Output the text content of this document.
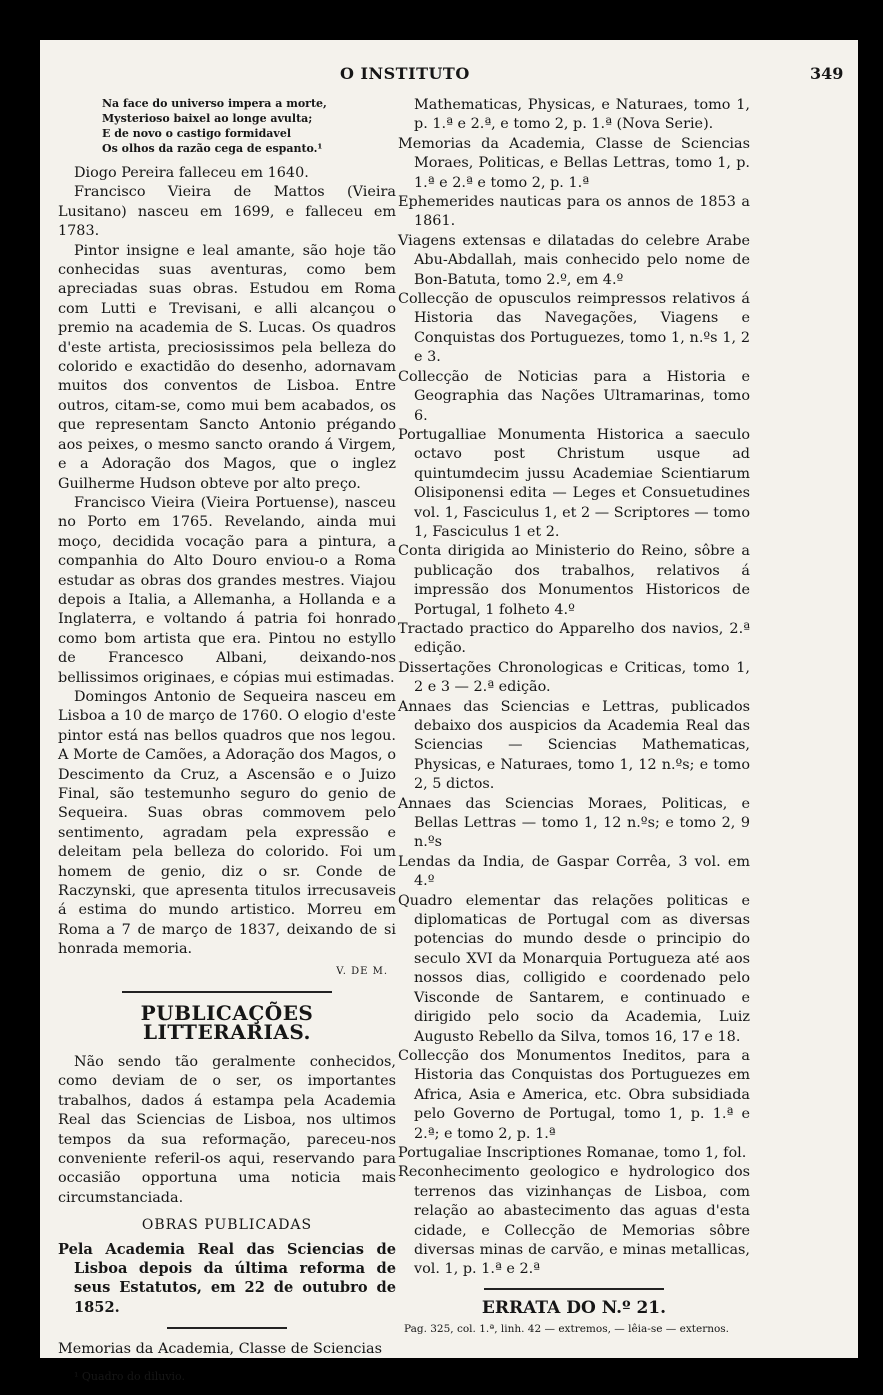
O INSTITUTO	349
Na face do universo impera a morte,
Mysterioso baixel ao longe avulta;
E de novo o castigo formidavel
Os olhos da razão cega de espanto.¹

Diogo Pereira falleceu em 1640.

Francisco Vieira de Mattos (Vieira Lusitano) nasceu em 1699, e falleceu em 1783.

Pintor insigne e leal amante, são hoje tão conhecidas suas aventuras, como bem apreciadas suas obras. Estudou em Roma com Lutti e Trevisani, e alli alcançou o premio na academia de S. Lucas. Os quadros d'este artista, preciosissimos pela belleza do colorido e exactidão do desenho, adornavam muitos dos conventos de Lisboa. Entre outros, citam-se, como mui bem acabados, os que representam Sancto Antonio prégando aos peixes, o mesmo sancto orando á Virgem, e a Adoração dos Magos, que o inglez Guilherme Hudson obteve por alto preço.

Francisco Vieira (Vieira Portuense), nasceu no Porto em 1765. Revelando, ainda mui moço, decidida vocação para a pintura, a companhia do Alto Douro enviou-o a Roma estudar as obras dos grandes mestres. Viajou depois a Italia, a Allemanha, a Hollanda e a Inglaterra, e voltando á patria foi honrado como bom artista que era. Pintou no estyllo de Francesco Albani, deixando-nos bellissimos originaes, e cópias mui estimadas.

Domingos Antonio de Sequeira nasceu em Lisboa a 10 de março de 1760. O elogio d'este pintor está nas bellos quadros que nos legou. A Morte de Camões, a Adoração dos Magos, o Descimento da Cruz, a Ascensão e o Juizo Final, são testemunho seguro do genio de Sequeira. Suas obras commovem pelo sentimento, agradam pela expressão e deleitam pela belleza do colorido. Foi um homem de genio, diz o sr. Conde de Raczynski, que apresenta titulos irrecusaveis á estima do mundo artistico. Morreu em Roma a 7 de março de 1837, deixando de si honrada memoria.

V. DE M.
PUBLICAÇÕES LITTERARIAS.

Não sendo tão geralmente conhecidos, como deviam de o ser, os importantes trabalhos, dados á estampa pela Academia Real das Sciencias de Lisboa, nos ultimos tempos da sua reformação, pareceu-nos conveniente referil-os aqui, reservando para occasião opportuna uma noticia mais circumstanciada.

OBRAS PUBLICADAS

Pela Academia Real das Sciencias de Lisboa depois da última reforma de seus Estatutos, em 22 de outubro de 1852.

Memorias da Academia, Classe de Sciencias

¹ Quadro do diluvio.

Mathematicas, Physicas, e Naturaes, tomo 1, p. 1.ª e 2.ª, e tomo 2, p. 1.ª (Nova Serie).

Memorias da Academia, Classe de Sciencias Moraes, Politicas, e Bellas Lettras, tomo 1, p. 1.ª e 2.ª e tomo 2, p. 1.ª

Ephemerides nauticas para os annos de 1853 a 1861.

Viagens extensas e dilatadas do celebre Arabe Abu-Abdallah, mais conhecido pelo nome de Bon-Batuta, tomo 2.º, em 4.º

Collecção de opusculos reimpressos relativos á Historia das Navegações, Viagens e Conquistas dos Portuguezes, tomo 1, n.ºs 1, 2 e 3.

Collecção de Noticias para a Historia e Geographia das Nações Ultramarinas, tomo 6.

Portugalliae Monumenta Historica a saeculo octavo post Christum usque ad quintumdecim jussu Academiae Scientiarum Olisiponensi edita — Leges et Consuetudines vol. 1, Fasciculus 1, et 2 — Scriptores — tomo 1, Fasciculus 1 et 2.

Conta dirigida ao Ministerio do Reino, sôbre a publicação dos trabalhos, relativos á impressão dos Monumentos Historicos de Portugal, 1 folheto 4.º

Tractado practico do Apparelho dos navios, 2.ª edição.

Dissertações Chronologicas e Criticas, tomo 1, 2 e 3 — 2.ª edição.

Annaes das Sciencias e Lettras, publicados debaixo dos auspicios da Academia Real das Sciencias — Sciencias Mathematicas, Physicas, e Naturaes, tomo 1, 12 n.ºs; e tomo 2, 5 dictos.

Annaes das Sciencias Moraes, Politicas, e Bellas Lettras — tomo 1, 12 n.ºs; e tomo 2, 9 n.ºs

Lendas da India, de Gaspar Corrêa, 3 vol. em 4.º

Quadro elementar das relações politicas e diplomaticas de Portugal com as diversas potencias do mundo desde o principio do seculo XVI da Monarquia Portugueza até aos nossos dias, colligido e coordenado pelo Visconde de Santarem, e continuado e dirigido pelo socio da Academia, Luiz Augusto Rebello da Silva, tomos 16, 17 e 18.

Collecção dos Monumentos Ineditos, para a Historia das Conquistas dos Portuguezes em Africa, Asia e America, etc. Obra subsidiada pelo Governo de Portugal, tomo 1, p. 1.ª e 2.ª; e tomo 2, p. 1.ª

Portugaliae Inscriptiones Romanae, tomo 1, fol.

Reconhecimento geologico e hydrologico dos terrenos das vizinhanças de Lisboa, com relação ao abastecimento das aguas d'esta cidade, e Collecção de Memorias sôbre diversas minas de carvão, e minas metallicas, vol. 1, p. 1.ª e 2.ª

ERRATA DO N.º 21.
Pag. 325, col. 1.ª, linh. 42 — extremos, — lêia-se — externos.
